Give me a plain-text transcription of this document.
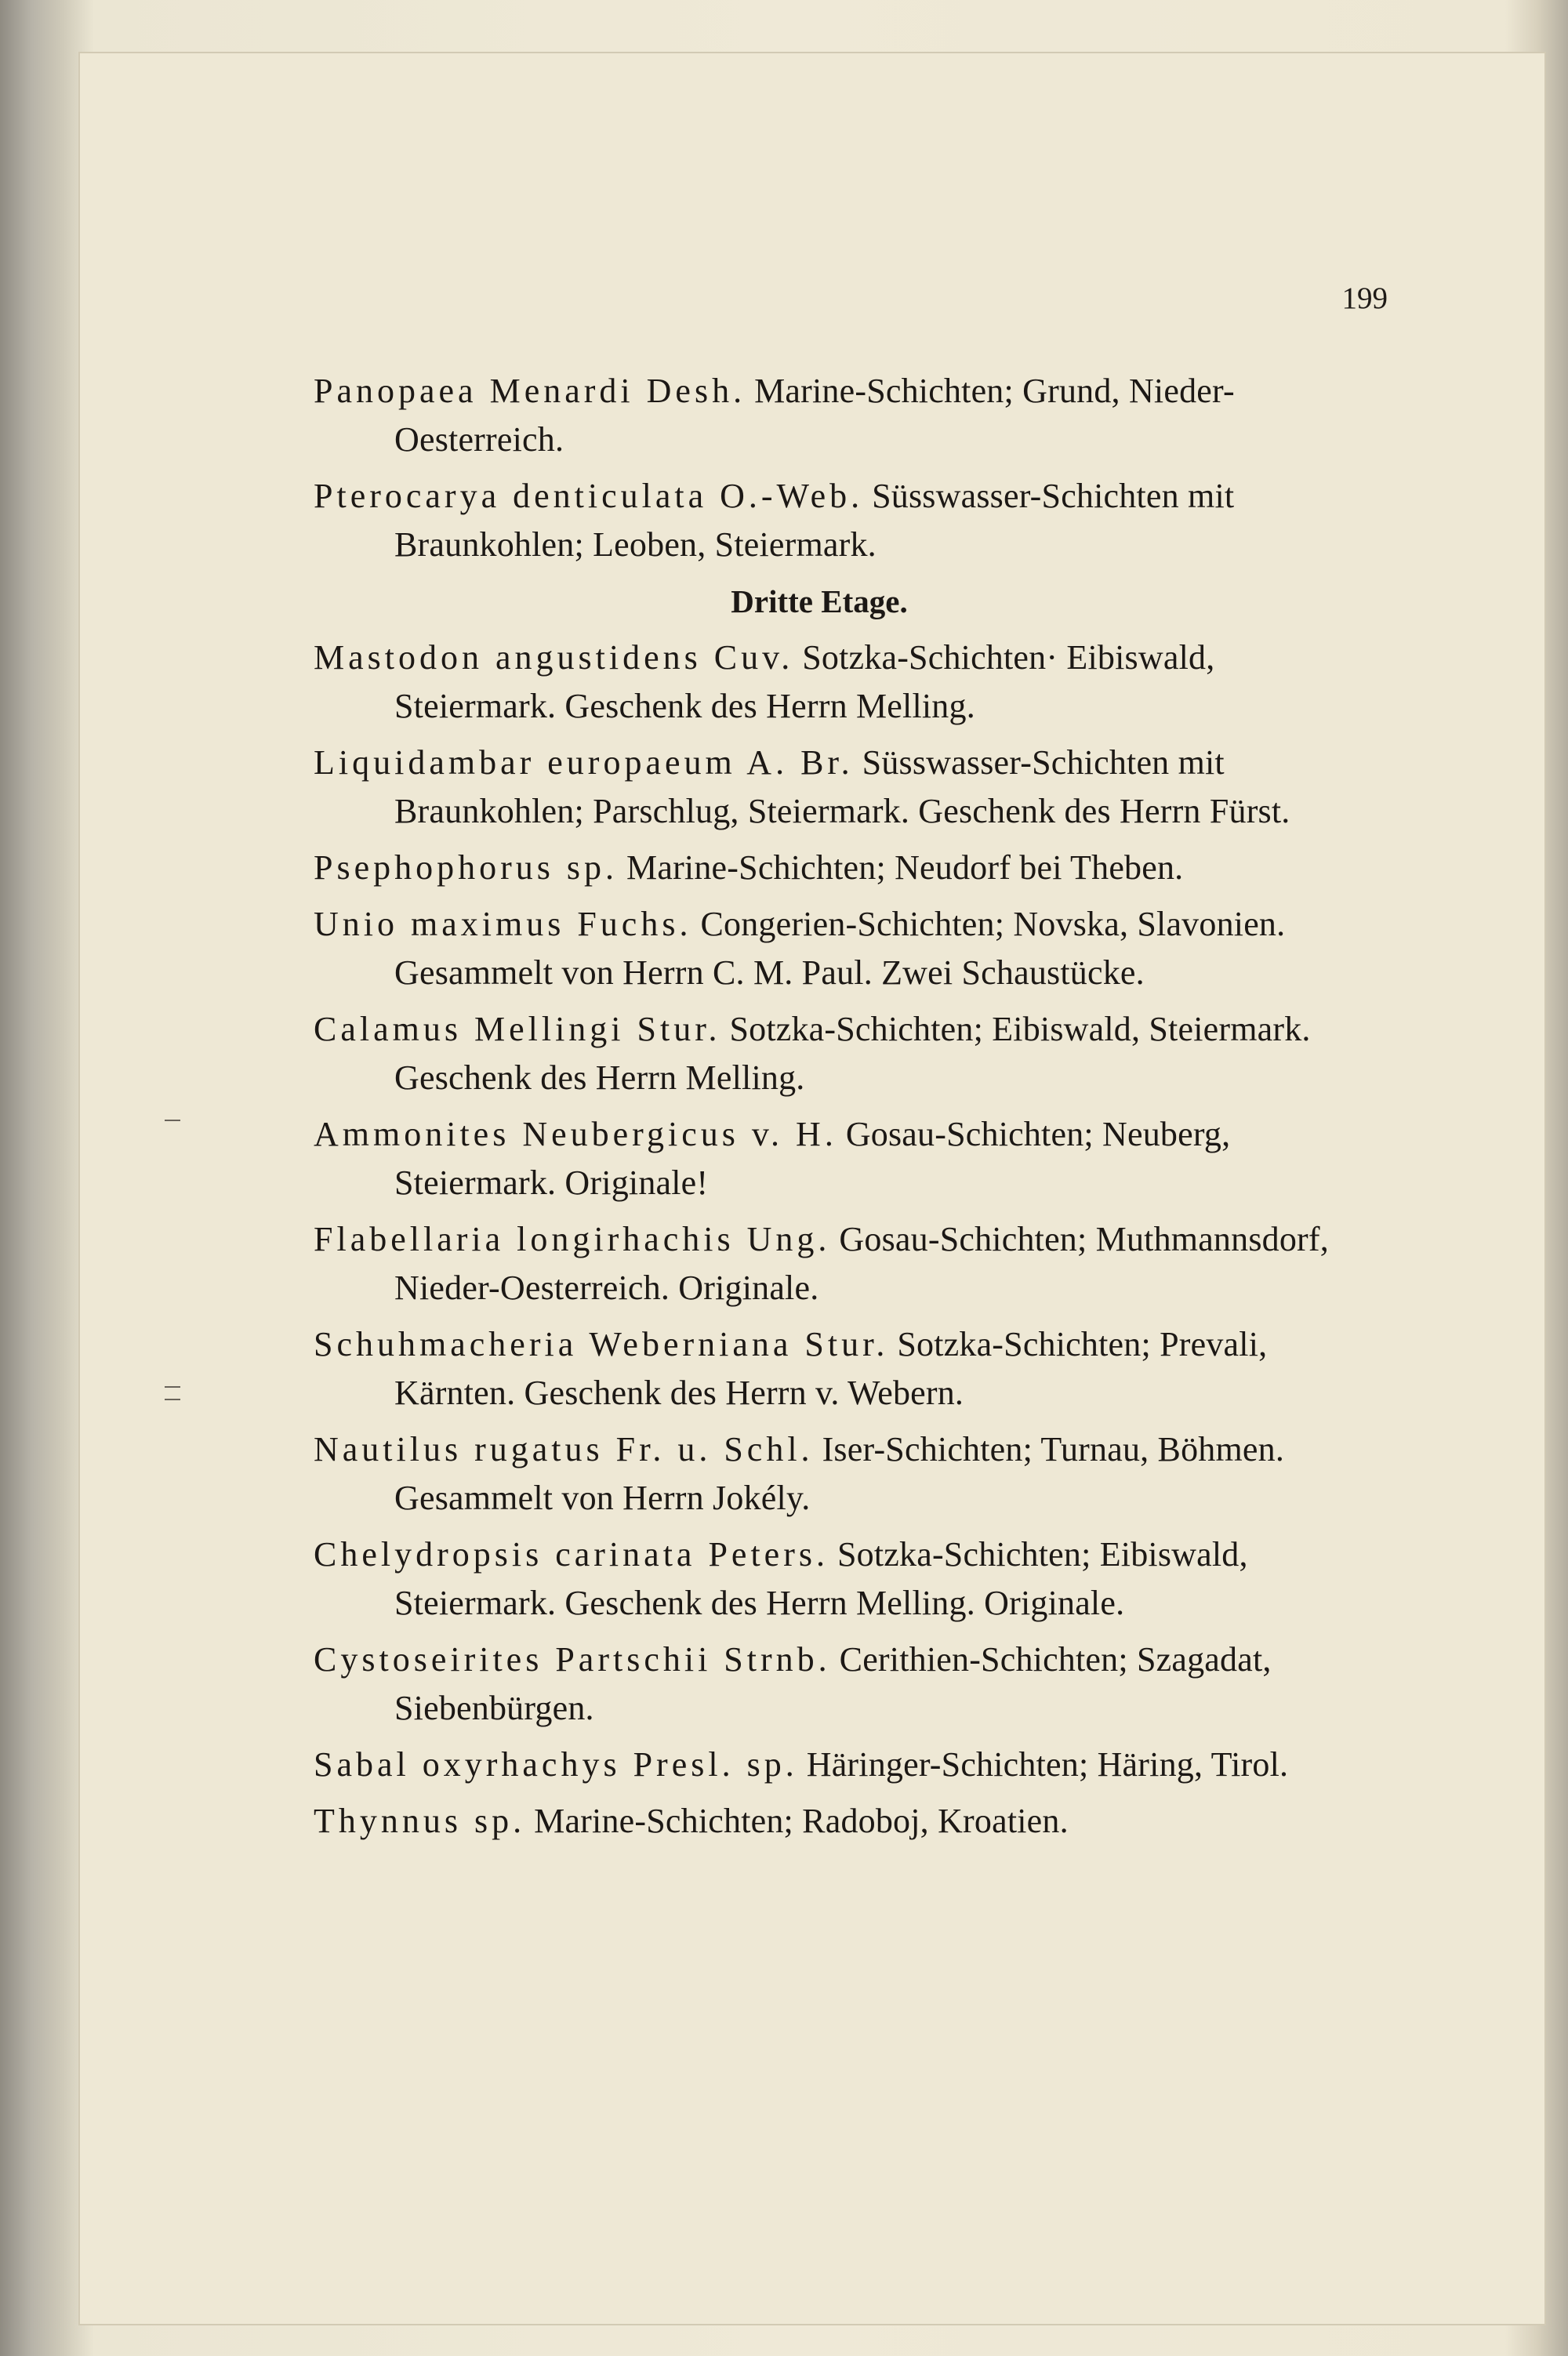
199

Panopaea Menardi Desh. Marine-Schichten; Grund, Nieder-Oesterreich.

Pterocarya denticulata O.-Web. Süsswasser-Schichten mit Braunkohlen; Leoben, Steiermark.

Dritte Etage.

Mastodon angustidens Cuv. Sotzka-Schichten· Eibiswald, Steiermark. Geschenk des Herrn Melling.

Liquidambar europaeum A. Br. Süsswasser-Schichten mit Braunkohlen; Parschlug, Steiermark. Geschenk des Herrn Fürst.

Psephophorus sp. Marine-Schichten; Neudorf bei Theben.

Unio maximus Fuchs. Congerien-Schichten; Novska, Slavonien. Gesammelt von Herrn C. M. Paul. Zwei Schaustücke.

Calamus Mellingi Stur. Sotzka-Schichten; Eibiswald, Steiermark. Geschenk des Herrn Melling.

Ammonites Neubergicus v. H. Gosau-Schichten; Neuberg, Steiermark. Originale!

Flabellaria longirhachis Ung. Gosau-Schichten; Muthmannsdorf, Nieder-Oesterreich. Originale.

Schuhmacheria Weberniana Stur. Sotzka-Schichten; Prevali, Kärnten. Geschenk des Herrn v. Webern.

Nautilus rugatus Fr. u. Schl. Iser-Schichten; Turnau, Böhmen. Gesammelt von Herrn Jokély.

Chelydropsis carinata Peters. Sotzka-Schichten; Eibiswald, Steiermark. Geschenk des Herrn Melling. Originale.

Cystoseirites Partschii Strnb. Cerithien-Schichten; Szagadat, Siebenbürgen.

Sabal oxyrhachys Presl. sp. Häringer-Schichten; Häring, Tirol.

Thynnus sp. Marine-Schichten; Radoboj, Kroatien.
